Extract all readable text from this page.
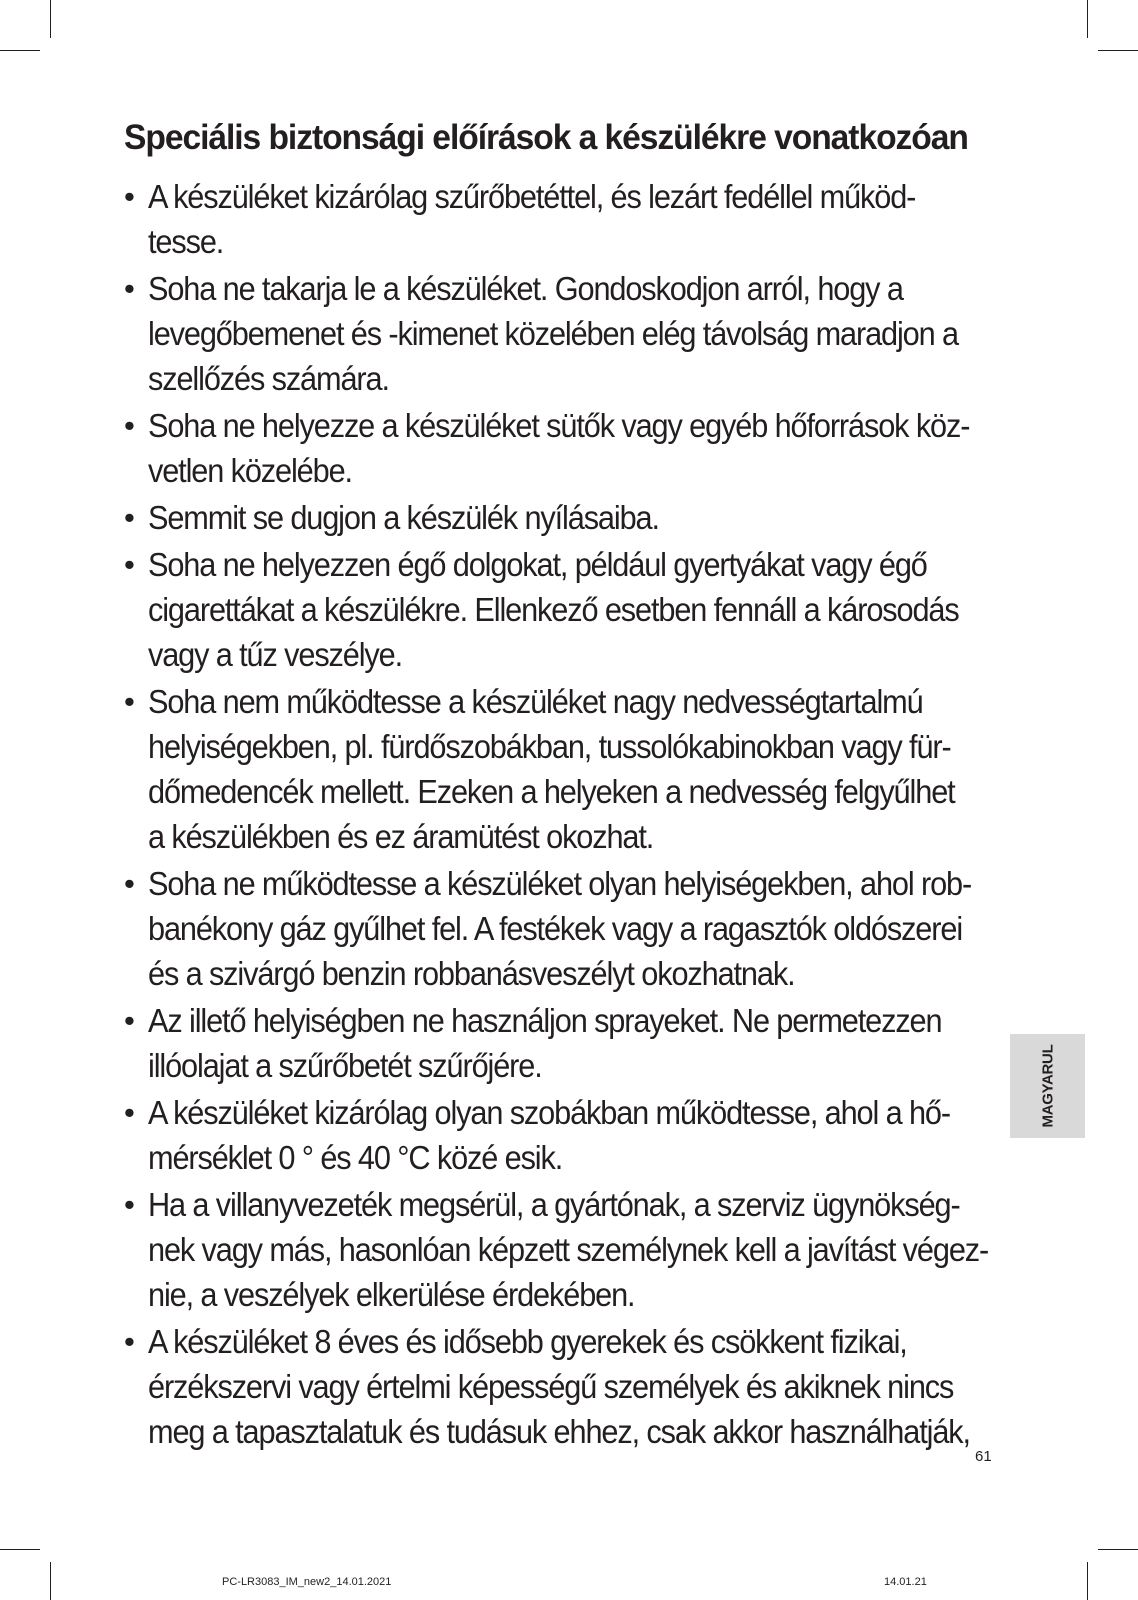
Speciális biztonsági előírások a készülékre vonatkozóan
• A készüléket kizárólag szűrőbetéttel, és lezárt fedéllel működ-
tesse.
• Soha ne takarja le a készüléket. Gondoskodjon arról, hogy a
levegőbemenet és -kimenet közelében elég távolság maradjon a
szellőzés számára.
• Soha ne helyezze a készüléket sütők vagy egyéb hőforrások köz-
vetlen közelébe.
• Semmit se dugjon a készülék nyílásaiba.
• Soha ne helyezzen égő dolgokat, például gyertyákat vagy égő
cigarettákat a készülékre. Ellenkező esetben fennáll a károsodás
vagy a tűz veszélye.
• Soha nem működtesse a készüléket nagy nedvességtartalmú
helyiségekben, pl. fürdőszobákban, tussolókabinokban vagy für-
dőmedencék mellett. Ezeken a helyeken a nedvesség felgyűlhet
a készülékben és ez áramütést okozhat.
• Soha ne működtesse a készüléket olyan helyiségekben, ahol rob-
banékony gáz gyűlhet fel. A festékek vagy a ragasztók oldószerei
és a szivárgó benzin robbanásveszélyt okozhatnak.
• Az illető helyiségben ne használjon sprayeket. Ne permetezzen
illóolajat a szűrőbetét szűrőjére.
• A készüléket kizárólag olyan szobákban működtesse, ahol a hő-
mérséklet 0 ° és 40 °C közé esik.
• Ha a villanyvezeték megsérül, a gyártónak, a szerviz ügynökség-
nek vagy más, hasonlóan képzett személynek kell a javítást végez-
nie, a veszélyek elkerülése érdekében.
• A készüléket 8 éves és idősebb gyerekek és csökkent fizikai,
érzékszervi vagy értelmi képességű személyek és akiknek nincs
meg a tapasztalatuk és tudásuk ehhez, csak akkor használhatják,
MAGYARUL
61
PC-LR3083_IM_new2_14.01.2021	14.01.21
